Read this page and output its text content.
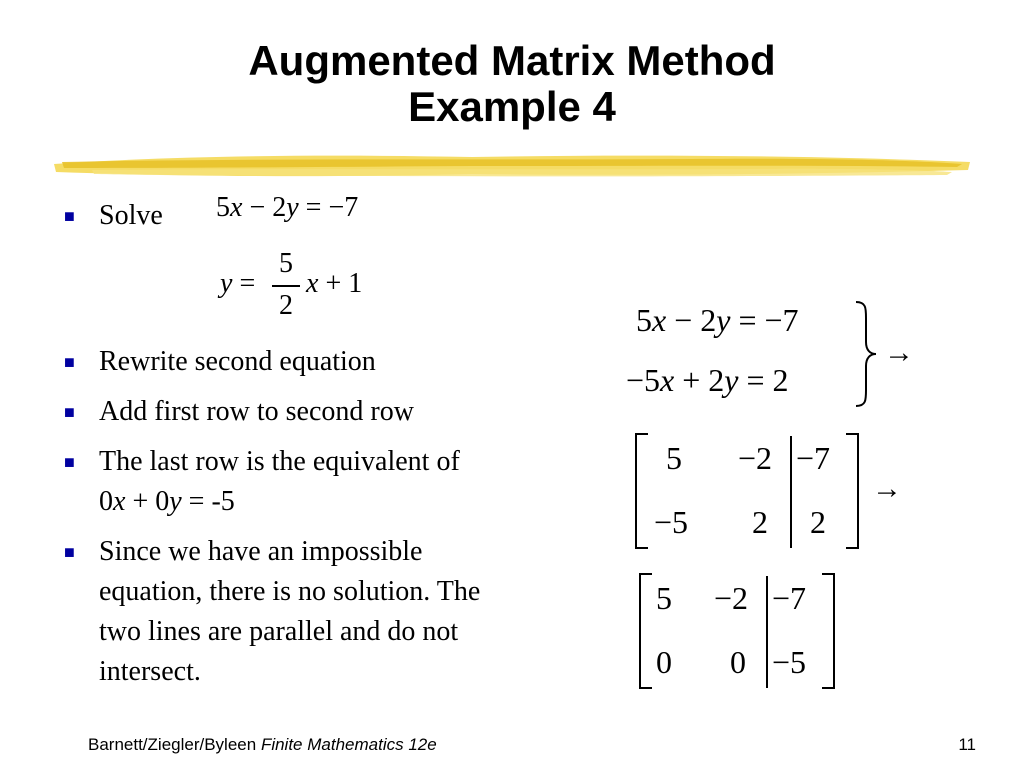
Augmented Matrix Method
Example 4
■ Solve
■ Rewrite second equation
■ Add first row to second row
■ The last row is the equivalent of
0x + 0y = -5
■ Since we have an impossible equation, there is no solution. The two lines are parallel and do not intersect.
5x − 2y = −7
y =
5
2
x + 1
5x − 2y = −7
−5x + 2y = 2
→
5 −2 −7
−5 2 2
→
5 −2 −7
0 0 −5
Barnett/Ziegler/Byleen Finite Mathematics 12e	11
